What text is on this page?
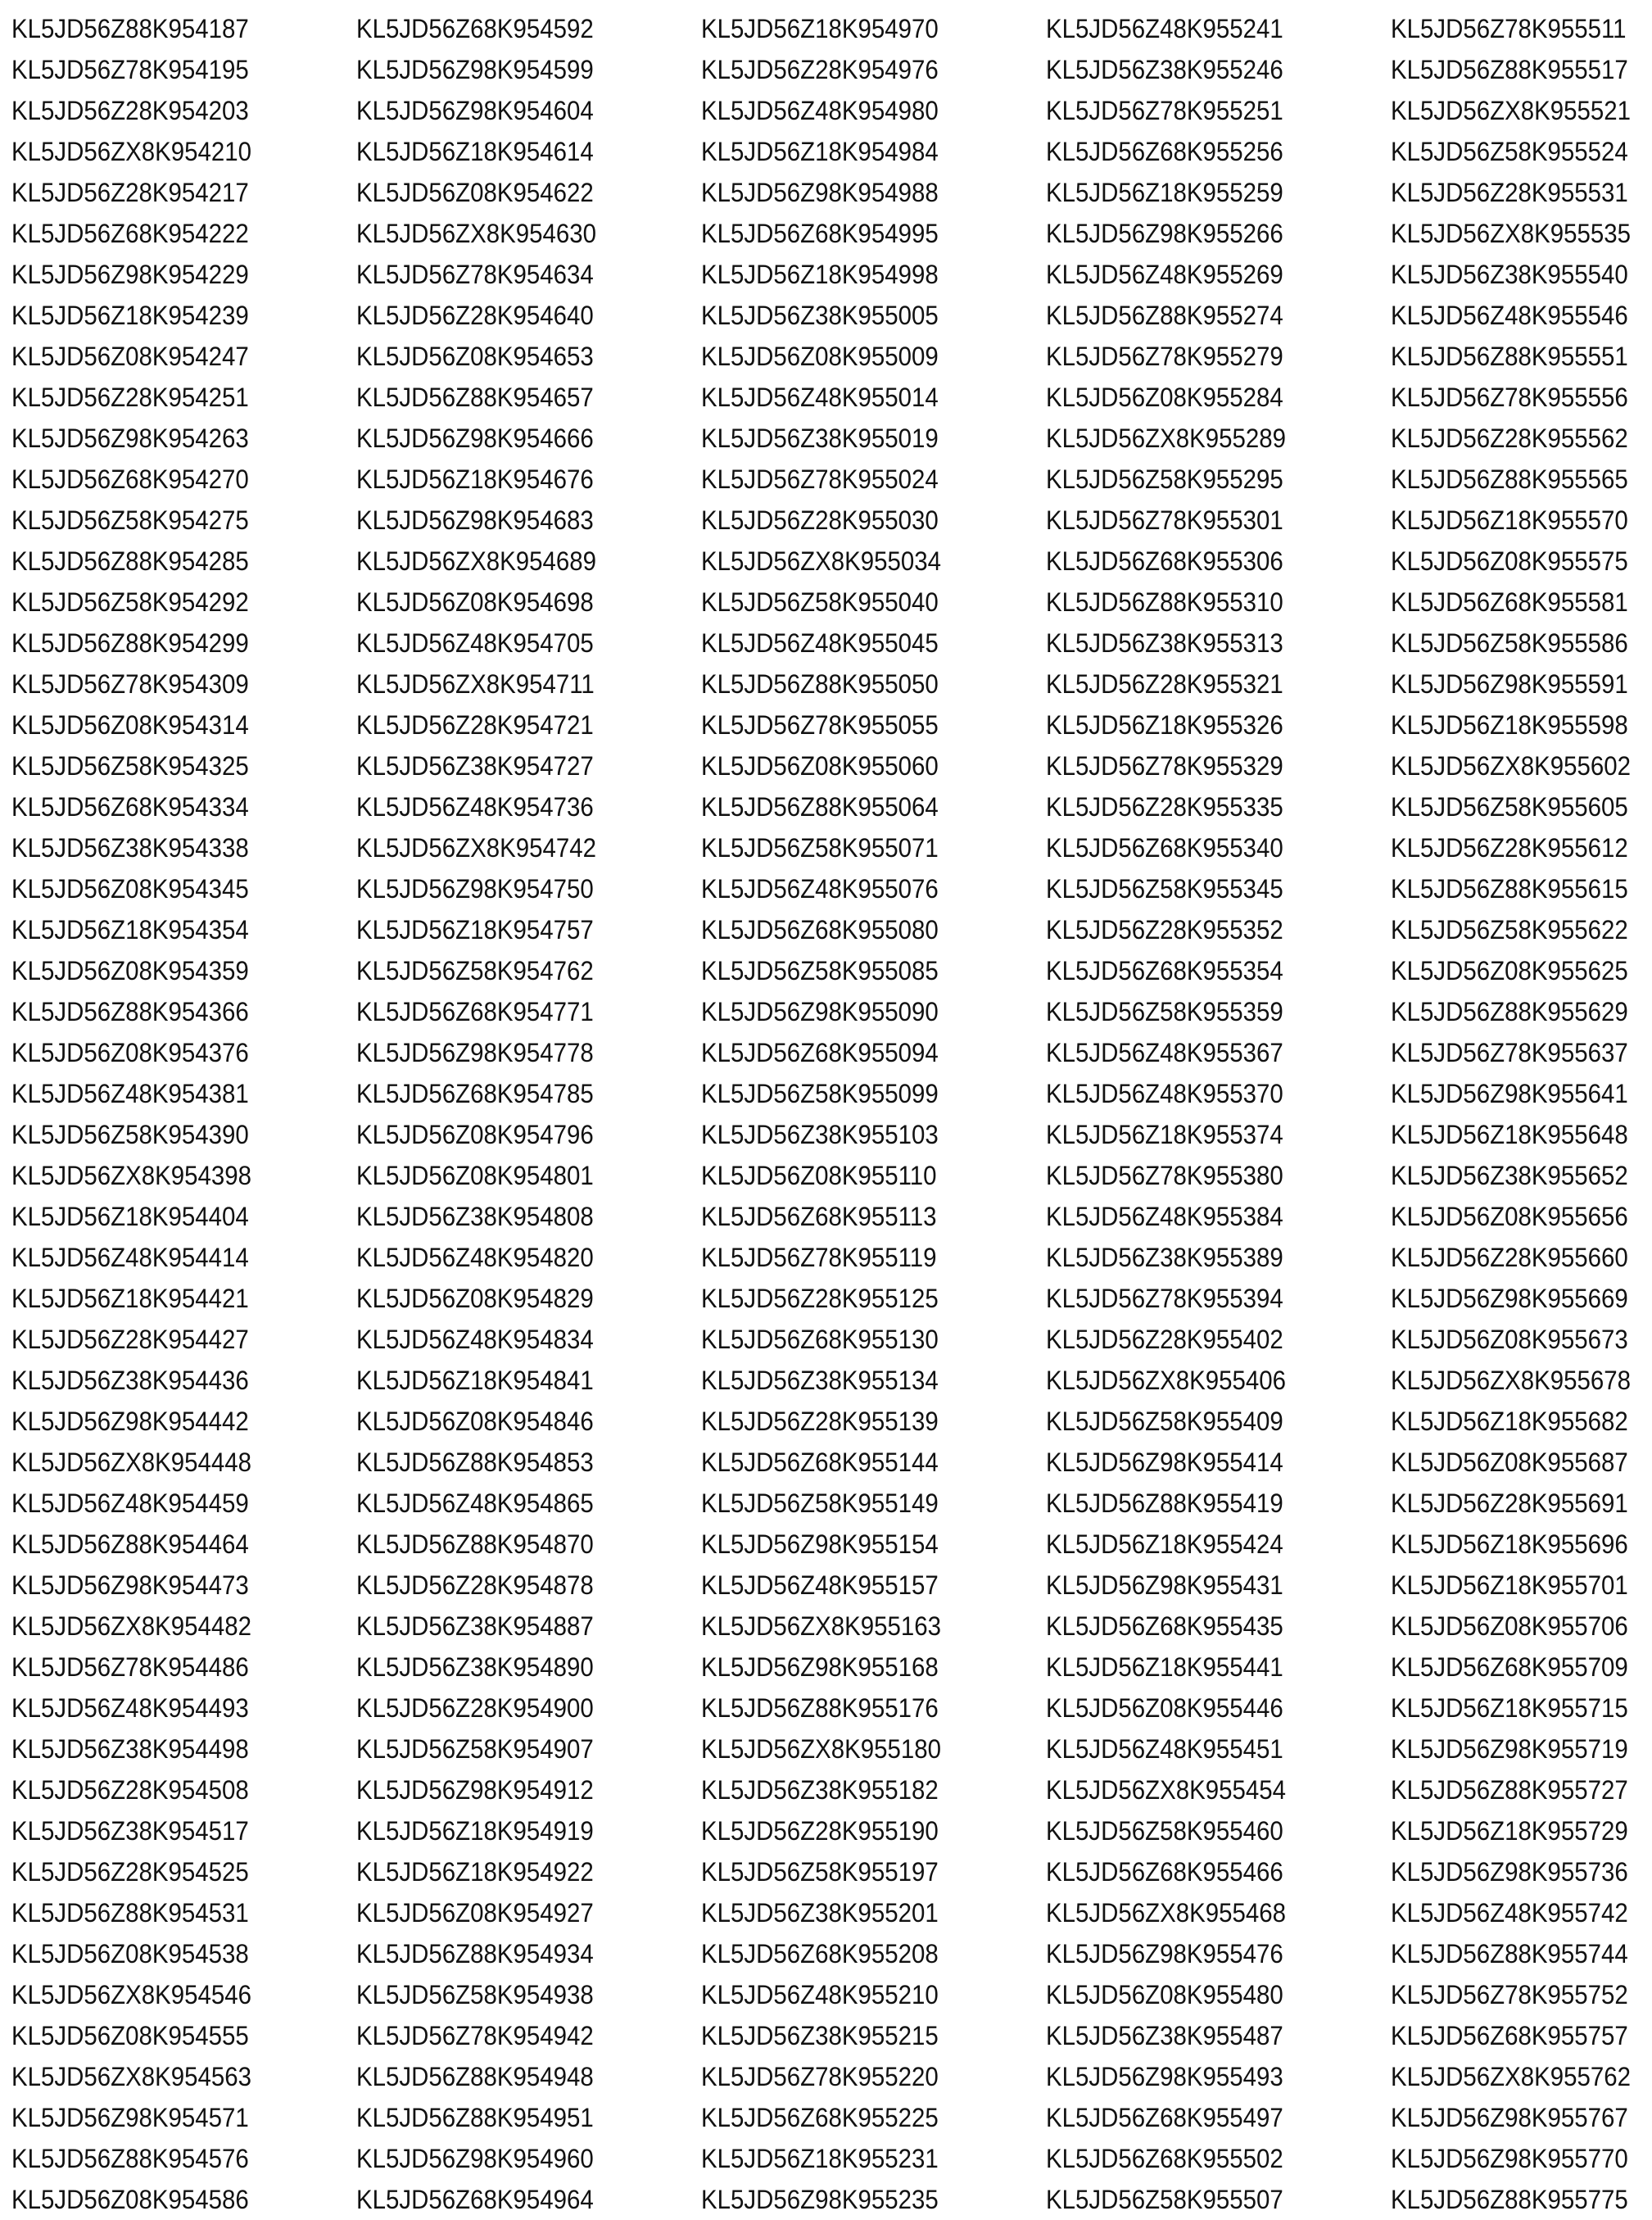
KL5JD56Z88K954187	KL5JD56Z68K954592	KL5JD56Z18K954970	KL5JD56Z48K955241	KL5JD56Z78K955511
KL5JD56Z78K954195	KL5JD56Z98K954599	KL5JD56Z28K954976	KL5JD56Z38K955246	KL5JD56Z88K955517
KL5JD56Z28K954203	KL5JD56Z98K954604	KL5JD56Z48K954980	KL5JD56Z78K955251	KL5JD56ZX8K955521
KL5JD56ZX8K954210	KL5JD56Z18K954614	KL5JD56Z18K954984	KL5JD56Z68K955256	KL5JD56Z58K955524
KL5JD56Z28K954217	KL5JD56Z08K954622	KL5JD56Z98K954988	KL5JD56Z18K955259	KL5JD56Z28K955531
KL5JD56Z68K954222	KL5JD56ZX8K954630	KL5JD56Z68K954995	KL5JD56Z98K955266	KL5JD56ZX8K955535
KL5JD56Z98K954229	KL5JD56Z78K954634	KL5JD56Z18K954998	KL5JD56Z48K955269	KL5JD56Z38K955540
KL5JD56Z18K954239	KL5JD56Z28K954640	KL5JD56Z38K955005	KL5JD56Z88K955274	KL5JD56Z48K955546
KL5JD56Z08K954247	KL5JD56Z08K954653	KL5JD56Z08K955009	KL5JD56Z78K955279	KL5JD56Z88K955551
KL5JD56Z28K954251	KL5JD56Z88K954657	KL5JD56Z48K955014	KL5JD56Z08K955284	KL5JD56Z78K955556
KL5JD56Z98K954263	KL5JD56Z98K954666	KL5JD56Z38K955019	KL5JD56ZX8K955289	KL5JD56Z28K955562
KL5JD56Z68K954270	KL5JD56Z18K954676	KL5JD56Z78K955024	KL5JD56Z58K955295	KL5JD56Z88K955565
KL5JD56Z58K954275	KL5JD56Z98K954683	KL5JD56Z28K955030	KL5JD56Z78K955301	KL5JD56Z18K955570
KL5JD56Z88K954285	KL5JD56ZX8K954689	KL5JD56ZX8K955034	KL5JD56Z68K955306	KL5JD56Z08K955575
KL5JD56Z58K954292	KL5JD56Z08K954698	KL5JD56Z58K955040	KL5JD56Z88K955310	KL5JD56Z68K955581
KL5JD56Z88K954299	KL5JD56Z48K954705	KL5JD56Z48K955045	KL5JD56Z38K955313	KL5JD56Z58K955586
KL5JD56Z78K954309	KL5JD56ZX8K954711	KL5JD56Z88K955050	KL5JD56Z28K955321	KL5JD56Z98K955591
KL5JD56Z08K954314	KL5JD56Z28K954721	KL5JD56Z78K955055	KL5JD56Z18K955326	KL5JD56Z18K955598
KL5JD56Z58K954325	KL5JD56Z38K954727	KL5JD56Z08K955060	KL5JD56Z78K955329	KL5JD56ZX8K955602
KL5JD56Z68K954334	KL5JD56Z48K954736	KL5JD56Z88K955064	KL5JD56Z28K955335	KL5JD56Z58K955605
KL5JD56Z38K954338	KL5JD56ZX8K954742	KL5JD56Z58K955071	KL5JD56Z68K955340	KL5JD56Z28K955612
KL5JD56Z08K954345	KL5JD56Z98K954750	KL5JD56Z48K955076	KL5JD56Z58K955345	KL5JD56Z88K955615
KL5JD56Z18K954354	KL5JD56Z18K954757	KL5JD56Z68K955080	KL5JD56Z28K955352	KL5JD56Z58K955622
KL5JD56Z08K954359	KL5JD56Z58K954762	KL5JD56Z58K955085	KL5JD56Z68K955354	KL5JD56Z08K955625
KL5JD56Z88K954366	KL5JD56Z68K954771	KL5JD56Z98K955090	KL5JD56Z58K955359	KL5JD56Z88K955629
KL5JD56Z08K954376	KL5JD56Z98K954778	KL5JD56Z68K955094	KL5JD56Z48K955367	KL5JD56Z78K955637
KL5JD56Z48K954381	KL5JD56Z68K954785	KL5JD56Z58K955099	KL5JD56Z48K955370	KL5JD56Z98K955641
KL5JD56Z58K954390	KL5JD56Z08K954796	KL5JD56Z38K955103	KL5JD56Z18K955374	KL5JD56Z18K955648
KL5JD56ZX8K954398	KL5JD56Z08K954801	KL5JD56Z08K955110	KL5JD56Z78K955380	KL5JD56Z38K955652
KL5JD56Z18K954404	KL5JD56Z38K954808	KL5JD56Z68K955113	KL5JD56Z48K955384	KL5JD56Z08K955656
KL5JD56Z48K954414	KL5JD56Z48K954820	KL5JD56Z78K955119	KL5JD56Z38K955389	KL5JD56Z28K955660
KL5JD56Z18K954421	KL5JD56Z08K954829	KL5JD56Z28K955125	KL5JD56Z78K955394	KL5JD56Z98K955669
KL5JD56Z28K954427	KL5JD56Z48K954834	KL5JD56Z68K955130	KL5JD56Z28K955402	KL5JD56Z08K955673
KL5JD56Z38K954436	KL5JD56Z18K954841	KL5JD56Z38K955134	KL5JD56ZX8K955406	KL5JD56ZX8K955678
KL5JD56Z98K954442	KL5JD56Z08K954846	KL5JD56Z28K955139	KL5JD56Z58K955409	KL5JD56Z18K955682
KL5JD56ZX8K954448	KL5JD56Z88K954853	KL5JD56Z68K955144	KL5JD56Z98K955414	KL5JD56Z08K955687
KL5JD56Z48K954459	KL5JD56Z48K954865	KL5JD56Z58K955149	KL5JD56Z88K955419	KL5JD56Z28K955691
KL5JD56Z88K954464	KL5JD56Z88K954870	KL5JD56Z98K955154	KL5JD56Z18K955424	KL5JD56Z18K955696
KL5JD56Z98K954473	KL5JD56Z28K954878	KL5JD56Z48K955157	KL5JD56Z98K955431	KL5JD56Z18K955701
KL5JD56ZX8K954482	KL5JD56Z38K954887	KL5JD56ZX8K955163	KL5JD56Z68K955435	KL5JD56Z08K955706
KL5JD56Z78K954486	KL5JD56Z38K954890	KL5JD56Z98K955168	KL5JD56Z18K955441	KL5JD56Z68K955709
KL5JD56Z48K954493	KL5JD56Z28K954900	KL5JD56Z88K955176	KL5JD56Z08K955446	KL5JD56Z18K955715
KL5JD56Z38K954498	KL5JD56Z58K954907	KL5JD56ZX8K955180	KL5JD56Z48K955451	KL5JD56Z98K955719
KL5JD56Z28K954508	KL5JD56Z98K954912	KL5JD56Z38K955182	KL5JD56ZX8K955454	KL5JD56Z88K955727
KL5JD56Z38K954517	KL5JD56Z18K954919	KL5JD56Z28K955190	KL5JD56Z58K955460	KL5JD56Z18K955729
KL5JD56Z28K954525	KL5JD56Z18K954922	KL5JD56Z58K955197	KL5JD56Z68K955466	KL5JD56Z98K955736
KL5JD56Z88K954531	KL5JD56Z08K954927	KL5JD56Z38K955201	KL5JD56ZX8K955468	KL5JD56Z48K955742
KL5JD56Z08K954538	KL5JD56Z88K954934	KL5JD56Z68K955208	KL5JD56Z98K955476	KL5JD56Z88K955744
KL5JD56ZX8K954546	KL5JD56Z58K954938	KL5JD56Z48K955210	KL5JD56Z08K955480	KL5JD56Z78K955752
KL5JD56Z08K954555	KL5JD56Z78K954942	KL5JD56Z38K955215	KL5JD56Z38K955487	KL5JD56Z68K955757
KL5JD56ZX8K954563	KL5JD56Z88K954948	KL5JD56Z78K955220	KL5JD56Z98K955493	KL5JD56ZX8K955762
KL5JD56Z98K954571	KL5JD56Z88K954951	KL5JD56Z68K955225	KL5JD56Z68K955497	KL5JD56Z98K955767
KL5JD56Z88K954576	KL5JD56Z98K954960	KL5JD56Z18K955231	KL5JD56Z68K955502	KL5JD56Z98K955770
KL5JD56Z08K954586	KL5JD56Z68K954964	KL5JD56Z98K955235	KL5JD56Z58K955507	KL5JD56Z88K955775
